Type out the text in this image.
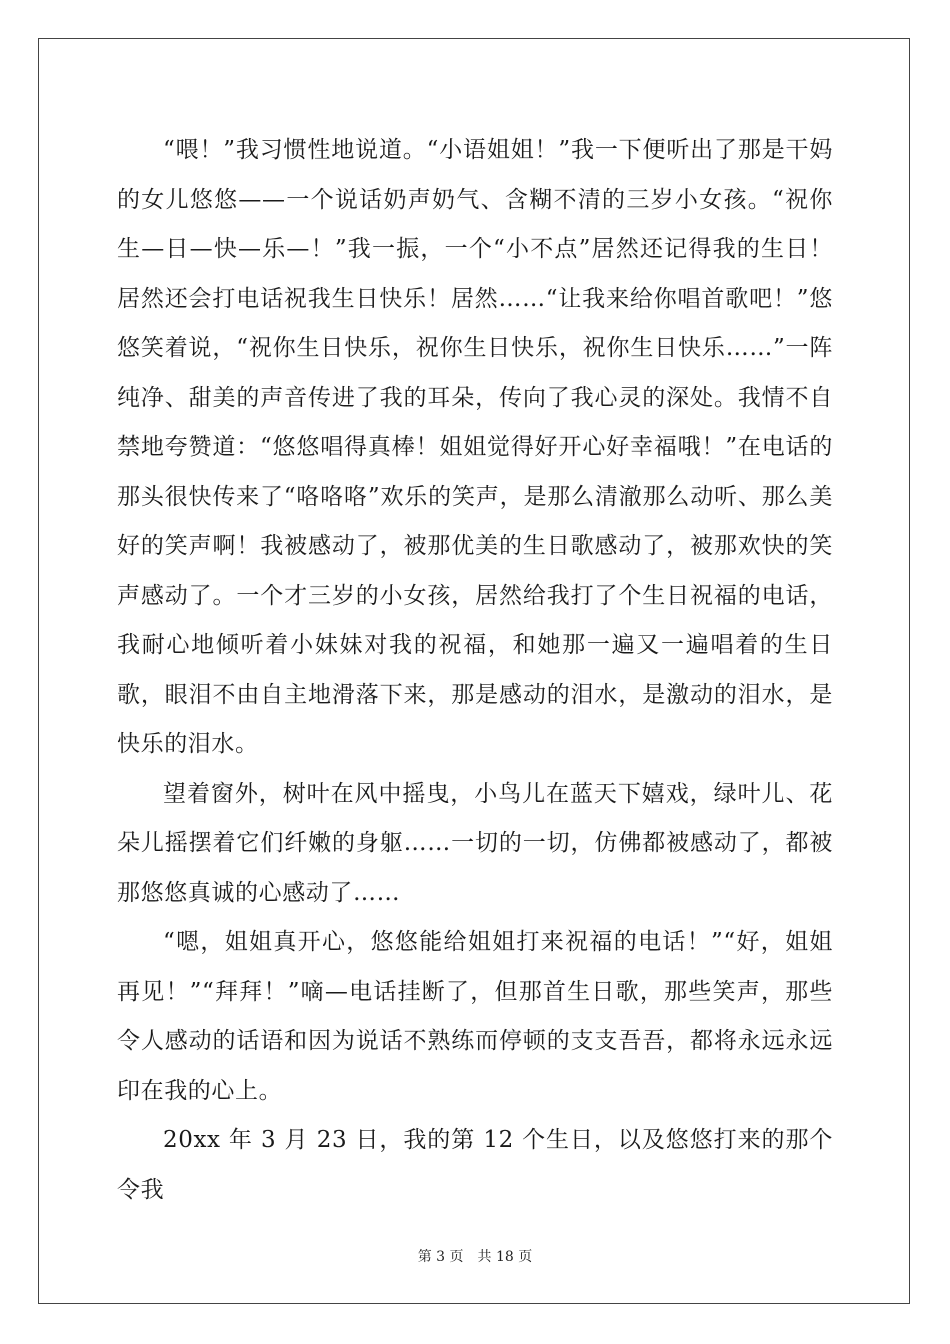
“喂！”我习惯性地说道。“小语姐姐！”我一下便听出了那是干妈的女儿悠悠——一个说话奶声奶气、含糊不清的三岁小女孩。“祝你生—日—快—乐—！”我一振，一个“小不点”居然还记得我的生日！居然还会打电话祝我生日快乐！居然……“让我来给你唱首歌吧！”悠悠笑着说，“祝你生日快乐，祝你生日快乐，祝你生日快乐……”一阵纯净、甜美的声音传进了我的耳朵，传向了我心灵的深处。我情不自禁地夸赞道：“悠悠唱得真棒！姐姐觉得好开心好幸福哦！”在电话的那头很快传来了“咯咯咯”欢乐的笑声，是那么清澈那么动听、那么美好的笑声啊！我被感动了，被那优美的生日歌感动了，被那欢快的笑声感动了。一个才三岁的小女孩，居然给我打了个生日祝福的电话，我耐心地倾听着小妹妹对我的祝福，和她那一遍又一遍唱着的生日歌，眼泪不由自主地滑落下来，那是感动的泪水，是激动的泪水，是快乐的泪水。

望着窗外，树叶在风中摇曳，小鸟儿在蓝天下嬉戏，绿叶儿、花朵儿摇摆着它们纤嫩的身躯……一切的一切，仿佛都被感动了，都被那悠悠真诚的心感动了……

“嗯，姐姐真开心，悠悠能给姐姐打来祝福的电话！”“好，姐姐再见！”“拜拜！”嘀—电话挂断了，但那首生日歌，那些笑声，那些令人感动的话语和因为说话不熟练而停顿的支支吾吾，都将永远永远印在我的心上。

20xx 年 3 月 23 日，我的第 12 个生日，以及悠悠打来的那个令我

第 3 页　共 18 页
